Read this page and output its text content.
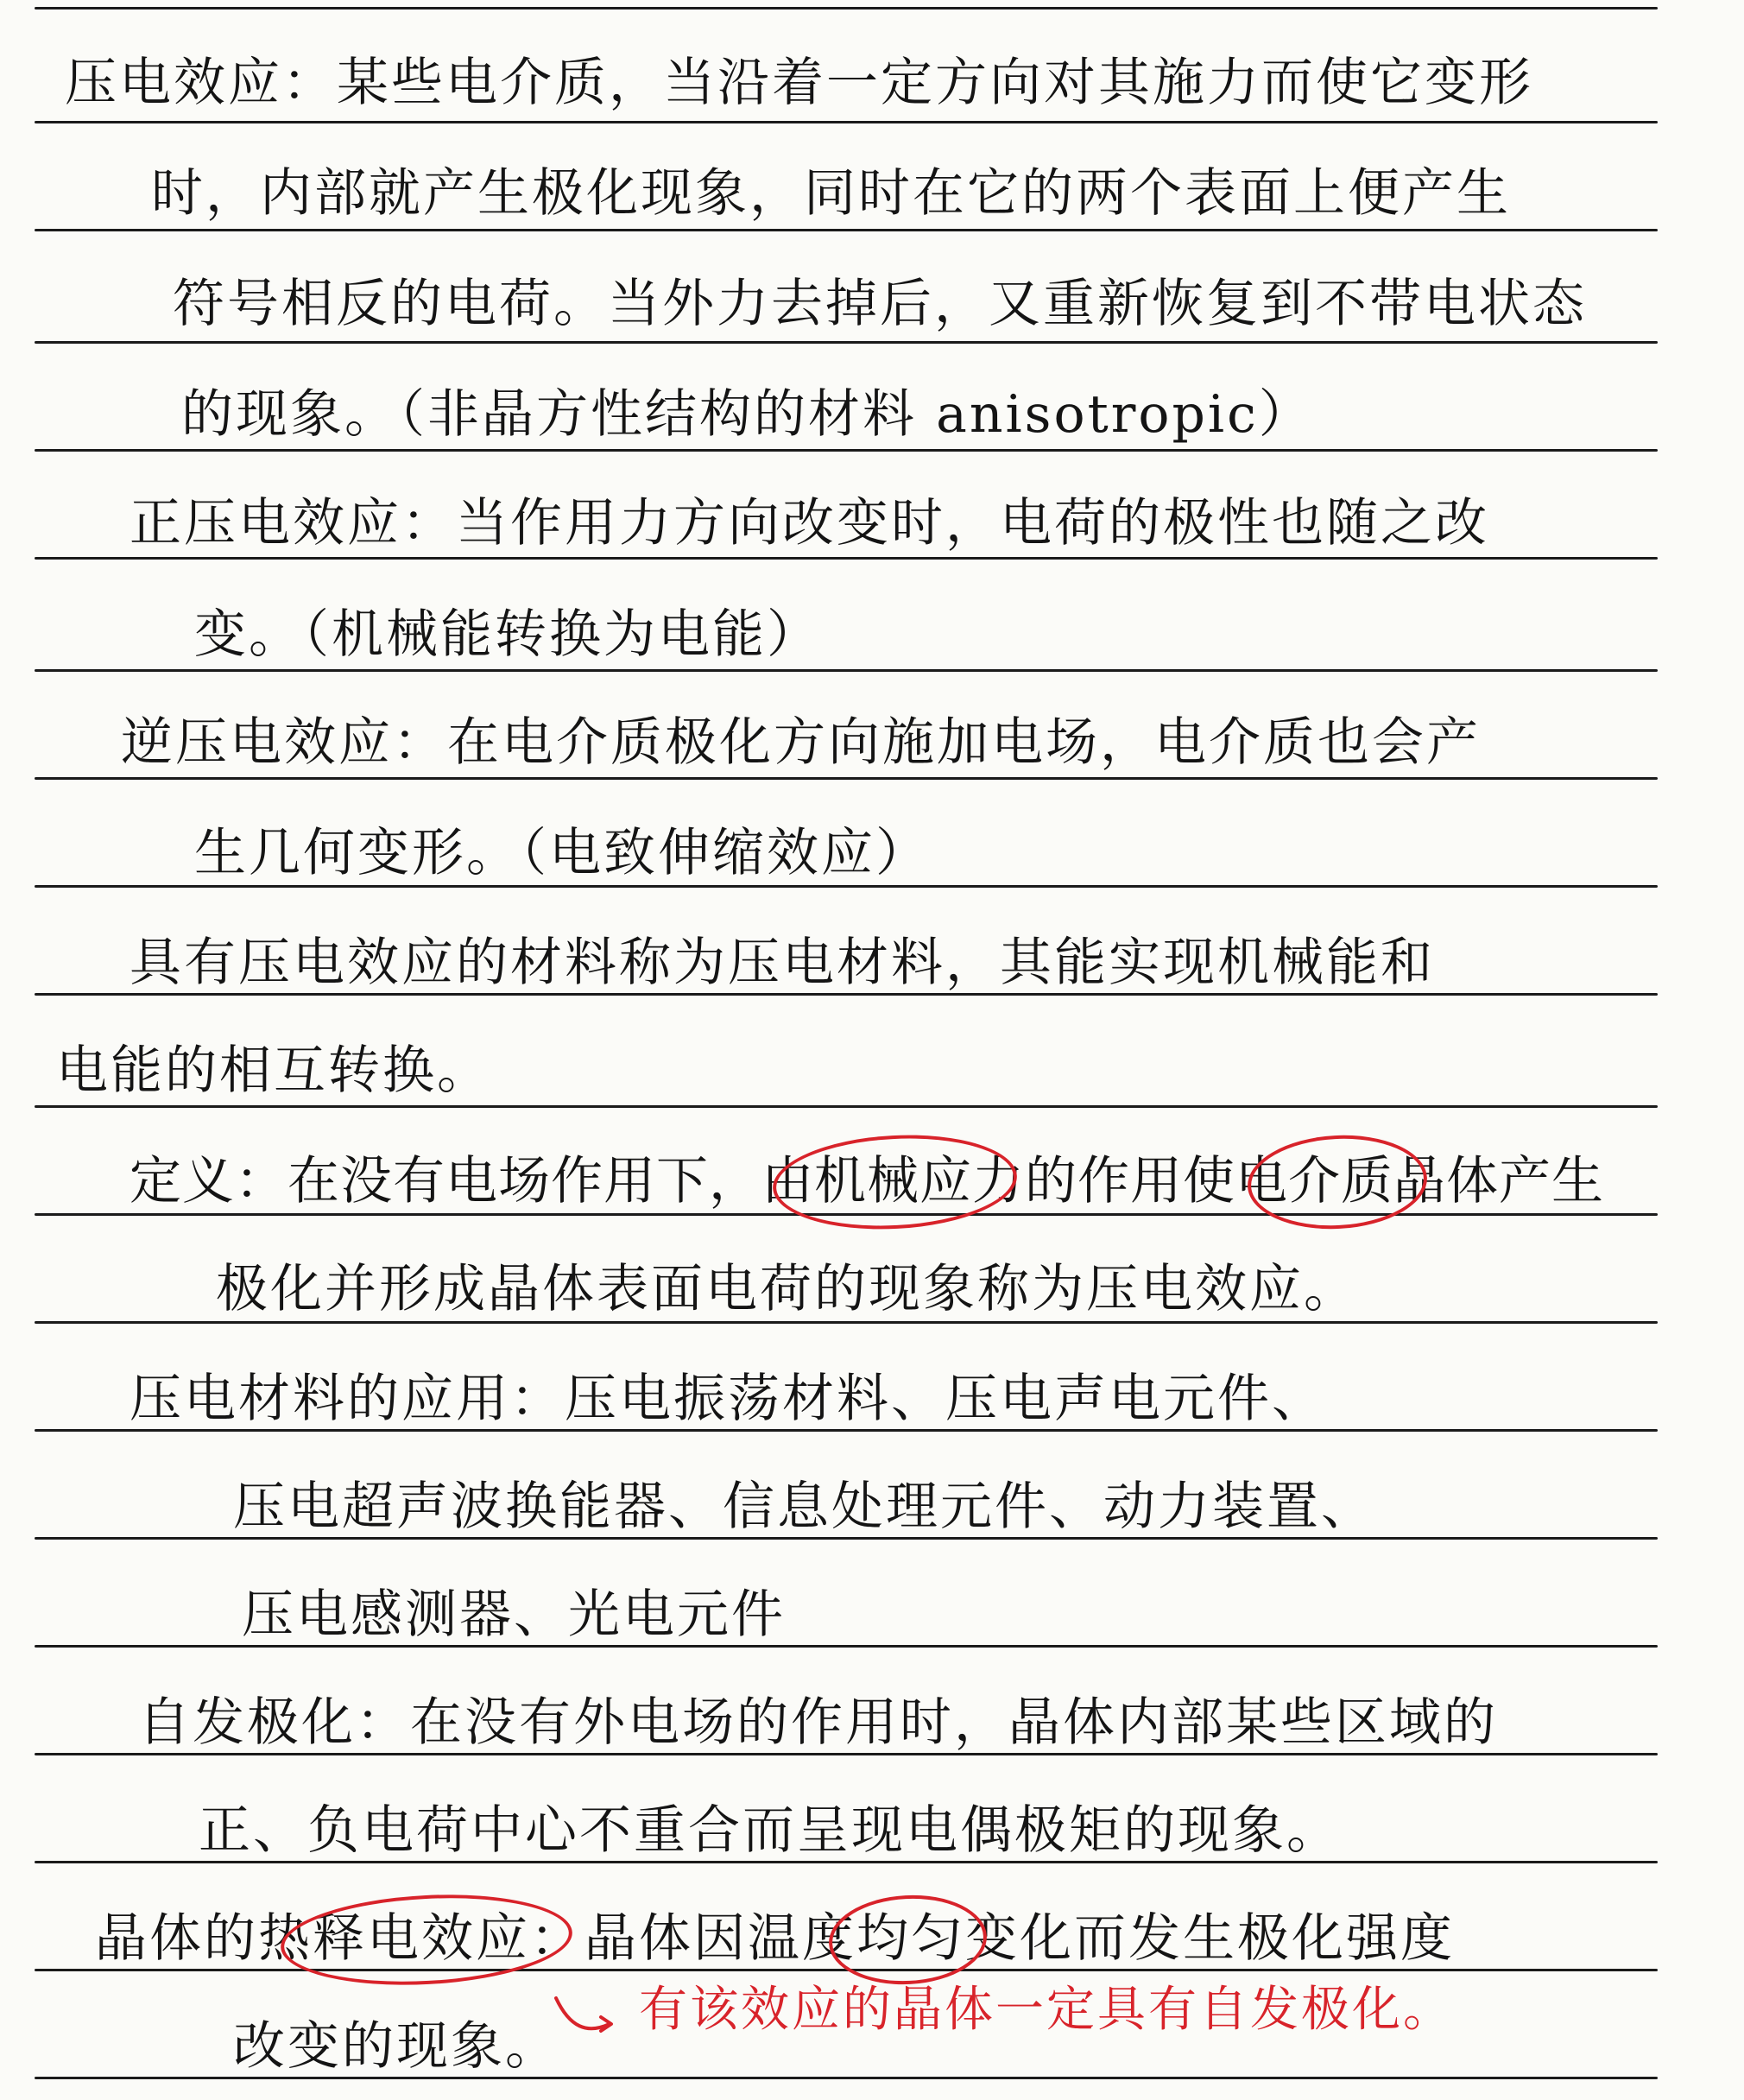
压电效应：某些电介质，当沿着一定方向对其施力而使它变形
时，内部就产生极化现象，同时在它的两个表面上便产生
符号相反的电荷。当外力去掉后，又重新恢复到不带电状态
的现象。（非晶方性结构的材料 anisotropic）
正压电效应：当作用力方向改变时，电荷的极性也随之改
变。（机械能转换为电能）
逆压电效应：在电介质极化方向施加电场，电介质也会产
生几何变形。（电致伸缩效应）
具有压电效应的材料称为压电材料，其能实现机械能和
电能的相互转换。
定义：在没有电场作用下，由机械应力的作用使电介质晶体产生
极化并形成晶体表面电荷的现象称为压电效应。
压电材料的应用：压电振荡材料、压电声电元件、
压电超声波换能器、信息处理元件、动力装置、
压电感测器、光电元件
自发极化：在没有外电场的作用时，晶体内部某些区域的
正、负电荷中心不重合而呈现电偶极矩的现象。
晶体的热释电效应：晶体因温度均匀变化而发生极化强度
改变的现象。
有该效应的晶体一定具有自发极化。
